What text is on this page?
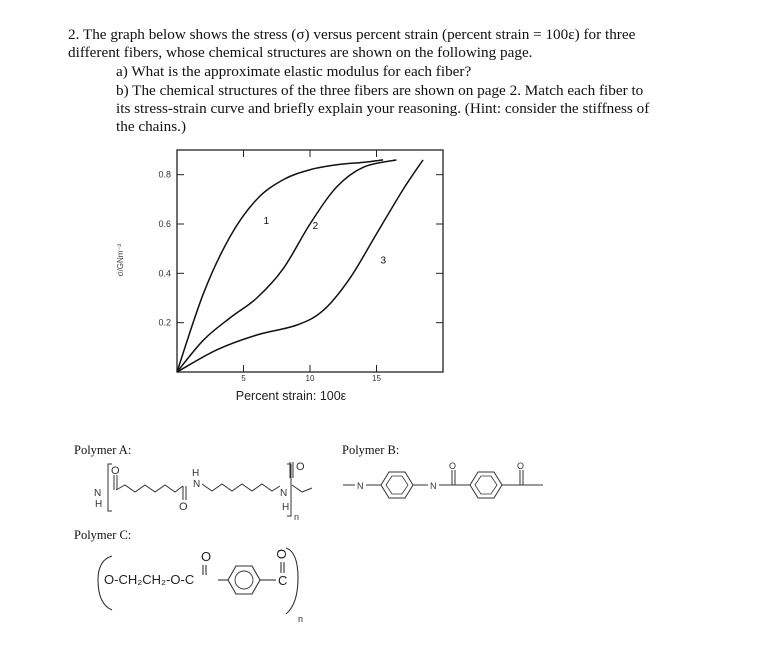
2. The graph below shows the stress (σ) versus percent strain (percent strain = 100ε) for three
different fibers, whose chemical structures are shown on the following page.
a) What is the approximate elastic modulus for each fiber?
b) The chemical structures of the three fibers are shown on page 2. Match each fiber to
its stress-strain curve and briefly explain your reasoning. (Hint: consider the stiffness of
the chains.)
0.8
0.6
0.4
0.2
5	10	15
1	2
3
σ/GNm⁻²
Percent strain: 100ε
Polymer A:	Polymer B:
Polymer C:
O
N
H	O
H
N
O
N
H
n
N	N
O	O
O-CH₂CH₂-O-C
O
C
O
n
